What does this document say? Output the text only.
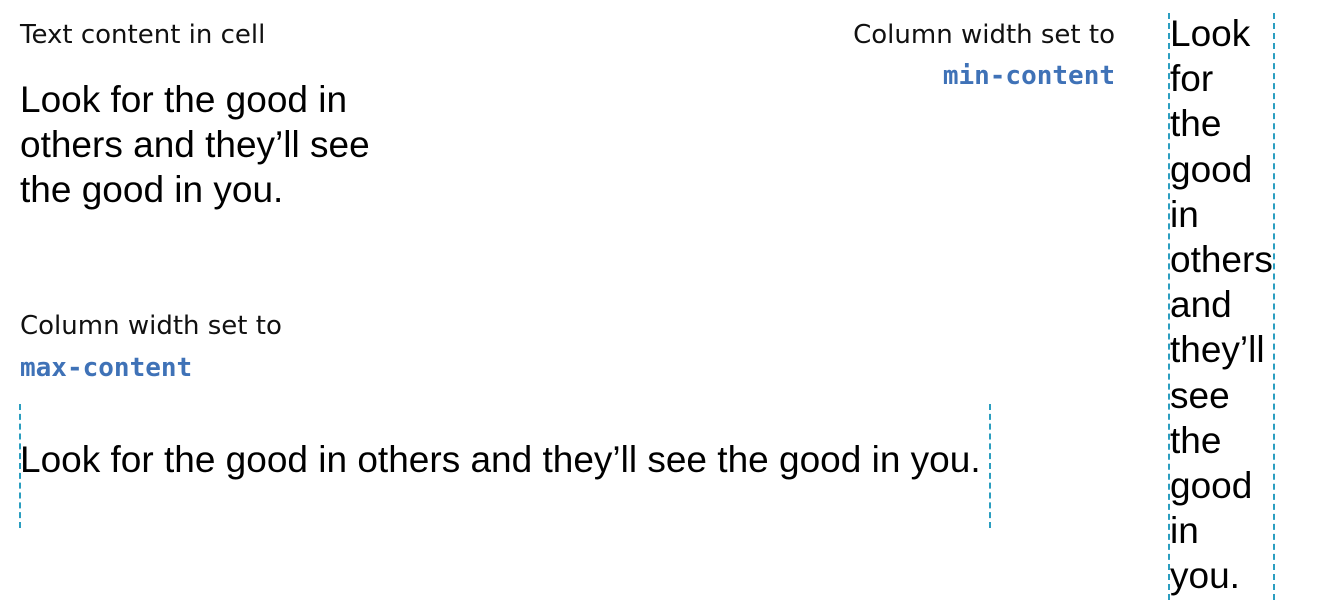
Text content in cell
Look for the good in others and they’ll see the good in you.
Column width set to
max-content
Look for the good in others and they’ll see the good in you.
Column width set to
min-content
Look
for
the
good
in
others
and
they’ll
see
the
good
in
you.
